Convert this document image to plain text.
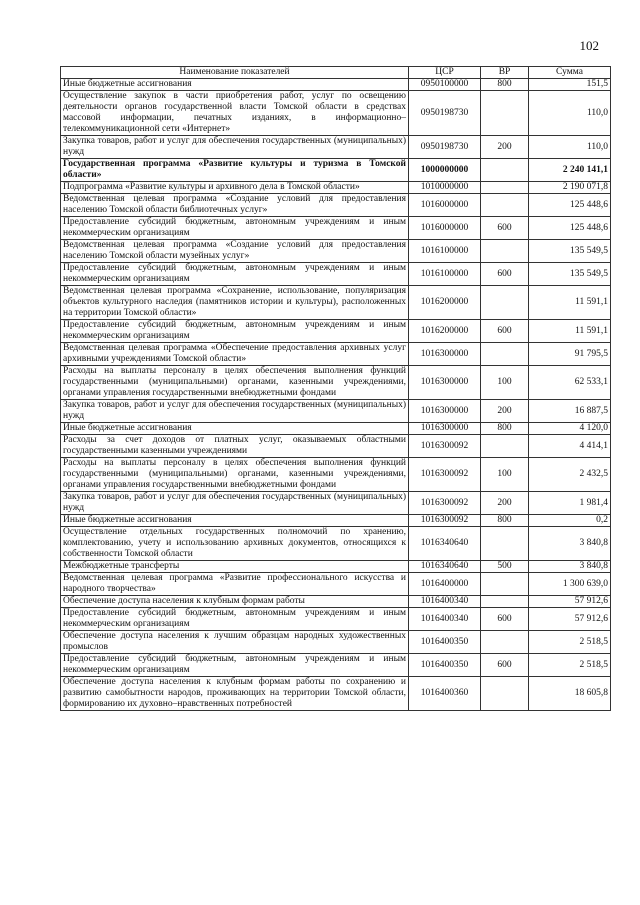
102
Наименование показателей	ЦСР	ВР	Сумма
Иные бюджетные ассигнования	0950100000	800	151,5
Осуществление закупок в части приобретения работ, услуг по освещению деятельности органов государственной власти Томской области в средствах массовой информации, печатных изданиях, в информационно–телекоммуникационной сети «Интернет»	0950198730		110,0
Закупка товаров, работ и услуг для обеспечения государственных (муниципальных) нужд	0950198730	200	110,0
Государственная программа «Развитие культуры и туризма в Томской области»	1000000000		2 240 141,1
Подпрограмма «Развитие культуры и архивного дела в Томской области»	1010000000		2 190 071,8
Ведомственная целевая программа «Создание условий для предоставления населению Томской области библиотечных услуг»	1016000000		125 448,6
Предоставление субсидий бюджетным, автономным учреждениям и иным некоммерческим организациям	1016000000	600	125 448,6
Ведомственная целевая программа «Создание условий для предоставления населению Томской области музейных услуг»	1016100000		135 549,5
Предоставление субсидий бюджетным, автономным учреждениям и иным некоммерческим организациям	1016100000	600	135 549,5
Ведомственная целевая программа «Сохранение, использование, популяризация объектов культурного наследия (памятников истории и культуры), расположенных на территории Томской области»	1016200000		11 591,1
Предоставление субсидий бюджетным, автономным учреждениям и иным некоммерческим организациям	1016200000	600	11 591,1
Ведомственная целевая программа «Обеспечение предоставления архивных услуг архивными учреждениями Томской области»	1016300000		91 795,5
Расходы на выплаты персоналу в целях обеспечения выполнения функций государственными (муниципальными) органами, казенными учреждениями, органами управления государственными внебюджетными фондами	1016300000	100	62 533,1
Закупка товаров, работ и услуг для обеспечения государственных (муниципальных) нужд	1016300000	200	16 887,5
Иные бюджетные ассигнования	1016300000	800	4 120,0
Расходы за счет доходов от платных услуг, оказываемых областными государственными казенными учреждениями	1016300092		4 414,1
Расходы на выплаты персоналу в целях обеспечения выполнения функций государственными (муниципальными) органами, казенными учреждениями, органами управления государственными внебюджетными фондами	1016300092	100	2 432,5
Закупка товаров, работ и услуг для обеспечения государственных (муниципальных) нужд	1016300092	200	1 981,4
Иные бюджетные ассигнования	1016300092	800	0,2
Осуществление отдельных государственных полномочий по хранению, комплектованию, учету и использованию архивных документов, относящихся к собственности Томской области	1016340640		3 840,8
Межбюджетные трансферты	1016340640	500	3 840,8
Ведомственная целевая программа «Развитие профессионального искусства и народного творчества»	1016400000		1 300 639,0
Обеспечение доступа населения к клубным формам работы	1016400340		57 912,6
Предоставление субсидий бюджетным, автономным учреждениям и иным некоммерческим организациям	1016400340	600	57 912,6
Обеспечение доступа населения к лучшим образцам народных художественных промыслов	1016400350		2 518,5
Предоставление субсидий бюджетным, автономным учреждениям и иным некоммерческим организациям	1016400350	600	2 518,5
Обеспечение доступа населения к клубным формам работы по сохранению и развитию самобытности народов, проживающих на территории Томской области, формированию их духовно–нравственных потребностей	1016400360		18 605,8
